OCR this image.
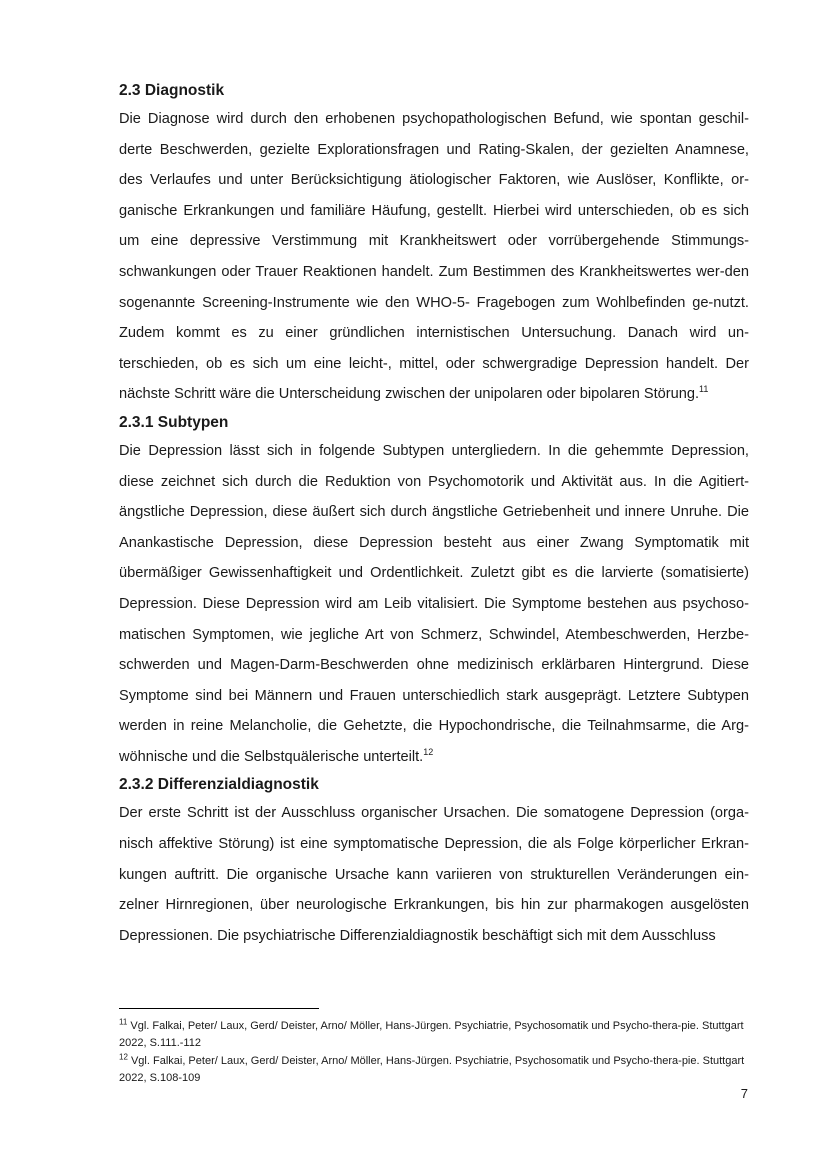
2.3 Diagnostik

Die Diagnose wird durch den erhobenen psychopathologischen Befund, wie spontan geschil-derte Beschwerden, gezielte Explorationsfragen und Rating-Skalen, der gezielten Anamnese, des Verlaufes und unter Berücksichtigung ätiologischer Faktoren, wie Auslöser, Konflikte, or-ganische Erkrankungen und familiäre Häufung, gestellt. Hierbei wird unterschieden, ob es sich um eine depressive Verstimmung mit Krankheitswert oder vorrübergehende Stimmungs-schwankungen oder Trauer Reaktionen handelt. Zum Bestimmen des Krankheitswertes wer-den sogenannte Screening-Instrumente wie den WHO-5- Fragebogen zum Wohlbefinden ge-nutzt. Zudem kommt es zu einer gründlichen internistischen Untersuchung. Danach wird un-terschieden, ob es sich um eine leicht-, mittel, oder schwergradige Depression handelt. Der nächste Schritt wäre die Unterscheidung zwischen der unipolaren oder bipolaren Störung.$^{11}$

2.3.1 Subtypen

Die Depression lässt sich in folgende Subtypen untergliedern. In die gehemmte Depression, diese zeichnet sich durch die Reduktion von Psychomotorik und Aktivität aus. In die Agitiert-ängstliche Depression, diese äußert sich durch ängstliche Getriebenheit und innere Unruhe. Die Anankastische Depression, diese Depression besteht aus einer Zwang Symptomatik mit übermäßiger Gewissenhaftigkeit und Ordentlichkeit. Zuletzt gibt es die larvierte (somatisierte) Depression. Diese Depression wird am Leib vitalisiert. Die Symptome bestehen aus psychoso-matischen Symptomen, wie jegliche Art von Schmerz, Schwindel, Atembeschwerden, Herzbe-schwerden und Magen-Darm-Beschwerden ohne medizinisch erklärbaren Hintergrund. Diese Symptome sind bei Männern und Frauen unterschiedlich stark ausgeprägt. Letztere Subtypen werden in reine Melancholie, die Gehetzte, die Hypochondrische, die Teilnahmsarme, die Arg-wöhnische und die Selbstquälerische unterteilt.$^{12}$

2.3.2 Differenzialdiagnostik

Der erste Schritt ist der Ausschluss organischer Ursachen. Die somatogene Depression (orga-nisch affektive Störung) ist eine symptomatische Depression, die als Folge körperlicher Erkran-kungen auftritt. Die organische Ursache kann variieren von strukturellen Veränderungen ein-zelner Hirnregionen, über neurologische Erkrankungen, bis hin zur pharmakogen ausgelösten Depressionen. Die psychiatrische Differenzialdiagnostik beschäftigt sich mit dem Ausschluss

$^{11}$ Vgl. Falkai, Peter/ Laux, Gerd/ Deister, Arno/ Möller, Hans-Jürgen. Psychiatrie, Psychosomatik und Psycho-thera-pie. Stuttgart 2022, S.111.-112

$^{12}$ Vgl. Falkai, Peter/ Laux, Gerd/ Deister, Arno/ Möller, Hans-Jürgen. Psychiatrie, Psychosomatik und Psycho-thera-pie. Stuttgart 2022, S.108-109

7
